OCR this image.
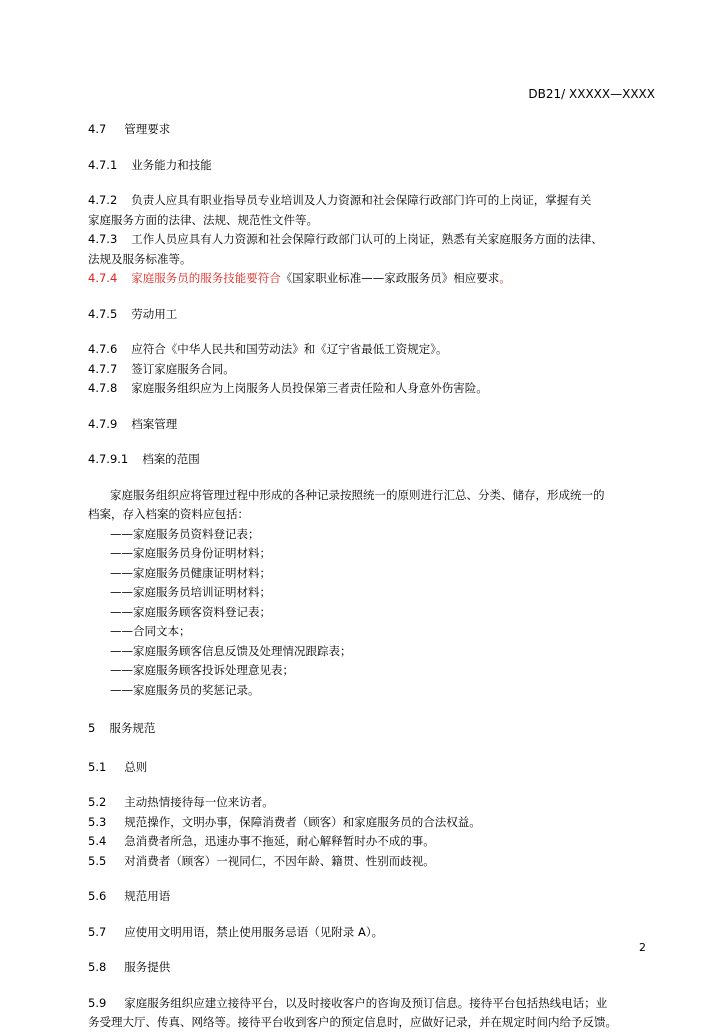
DB21/ XXXXX—XXXX
4.7 管理要求
4.7.1 业务能力和技能
4.7.2 负责人应具有职业指导员专业培训及人力资源和社会保障行政部门许可的上岗证，掌握有关
家庭服务方面的法律、法规、规范性文件等。
4.7.3 工作人员应具有人力资源和社会保障行政部门认可的上岗证，熟悉有关家庭服务方面的法律、
法规及服务标准等。
4.7.4 家庭服务员的服务技能要符合《国家职业标准——家政服务员》相应要求。
4.7.5 劳动用工
4.7.6 应符合《中华人民共和国劳动法》和《辽宁省最低工资规定》。
4.7.7 签订家庭服务合同。
4.7.8 家庭服务组织应为上岗服务人员投保第三者责任险和人身意外伤害险。
4.7.9 档案管理
4.7.9.1 档案的范围
家庭服务组织应将管理过程中形成的各种记录按照统一的原则进行汇总、分类、储存，形成统一的
档案，存入档案的资料应包括：
——家庭服务员资料登记表；
——家庭服务员身份证明材料；
——家庭服务员健康证明材料；
——家庭服务员培训证明材料；
——家庭服务顾客资料登记表；
——合同文本；
——家庭服务顾客信息反馈及处理情况跟踪表；
——家庭服务顾客投诉处理意见表；
——家庭服务员的奖惩记录。
5 服务规范
5.1 总则
5.2 主动热情接待每一位来访者。
5.3 规范操作，文明办事，保障消费者（顾客）和家庭服务员的合法权益。
5.4 急消费者所急，迅速办事不拖延，耐心解释暂时办不成的事。
5.5 对消费者（顾客）一视同仁，不因年龄、籍贯、性别而歧视。
5.6 规范用语
5.7 应使用文明用语，禁止使用服务忌语（见附录 A）。
5.8 服务提供
5.9 家庭服务组织应建立接待平台，以及时接收客户的咨询及预订信息。接待平台包括热线电话；业
务受理大厅、传真、网络等。接待平台收到客户的预定信息时，应做好记录，并在规定时间内给予反馈。
2
